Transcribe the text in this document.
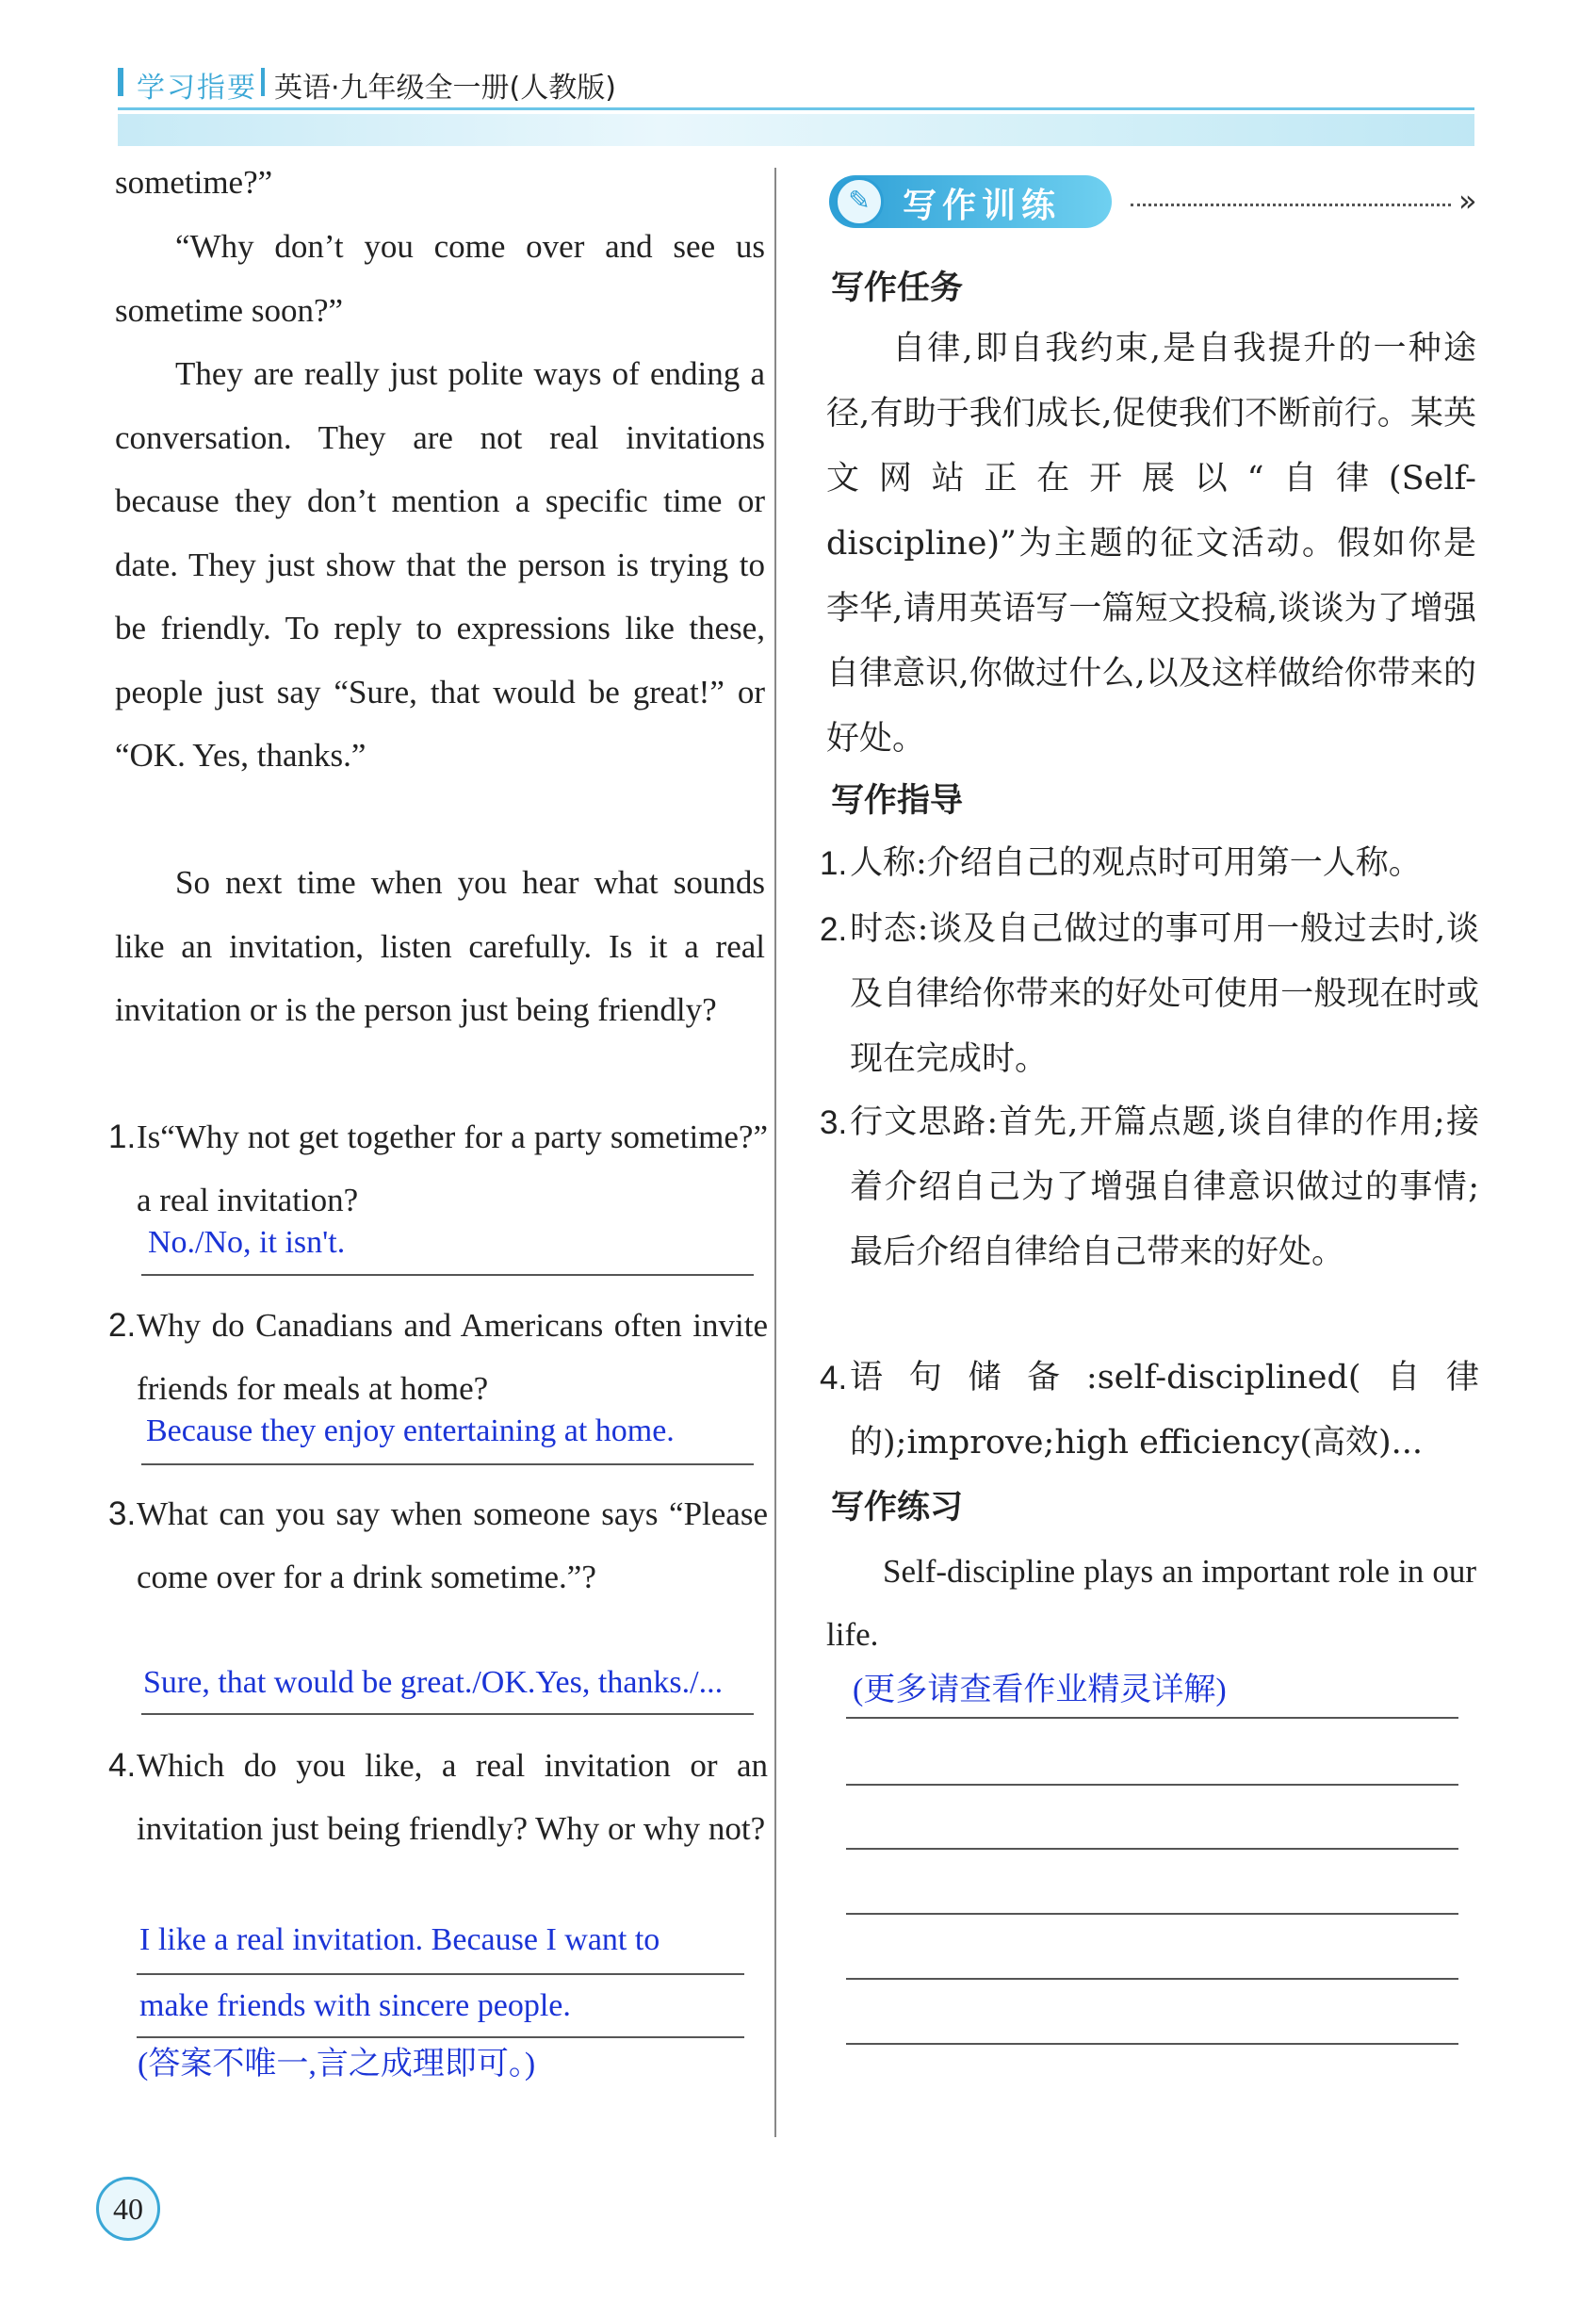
学习指要 英语·九年级全一册(人教版)
sometime?”
“Why don’t you come over and see us sometime soon?”
They are really just polite ways of ending a conversation. They are not real invitations because they don’t mention a specific time or date. They just show that the person is trying to be friendly. To reply to expressions like these, people just say “Sure, that would be great!” or “OK. Yes, thanks.”
So next time when you hear what sounds like an invitation, listen carefully. Is it a real invitation or is the person just being friendly?
1. Is“Why not get together for a party sometime?” a real invitation?
No./No, it isn't.
2. Why do Canadians and Americans often invite friends for meals at home?
Because they enjoy entertaining at home.
3. What can you say when someone says “Please come over for a drink sometime.”?
Sure, that would be great./OK.Yes, thanks./...
4. Which do you like, a real invitation or an invitation just being friendly? Why or why not?
I like a real invitation. Because I want to
make friends with sincere people.
(答案不唯一,言之成理即可。)
✎ 写作训练	»
写作任务
自律,即自我约束,是自我提升的一种途径,有助于我们成长,促使我们不断前行。某英文网站正在开展以“自律(Self-discipline)”为主题的征文活动。假如你是李华,请用英语写一篇短文投稿,谈谈为了增强自律意识,你做过什么,以及这样做给你带来的好处。
写作指导
1. 人称:介绍自己的观点时可用第一人称。
2. 时态:谈及自己做过的事可用一般过去时,谈及自律给你带来的好处可使用一般现在时或现在完成时。
3. 行文思路:首先,开篇点题,谈自律的作用;接着介绍自己为了增强自律意识做过的事情;最后介绍自律给自己带来的好处。
4. 语句储备:self-disciplined(自律的);improve;high efficiency(高效)...
写作练习
Self-discipline plays an important role in our life.
(更多请查看作业精灵详解)
40
